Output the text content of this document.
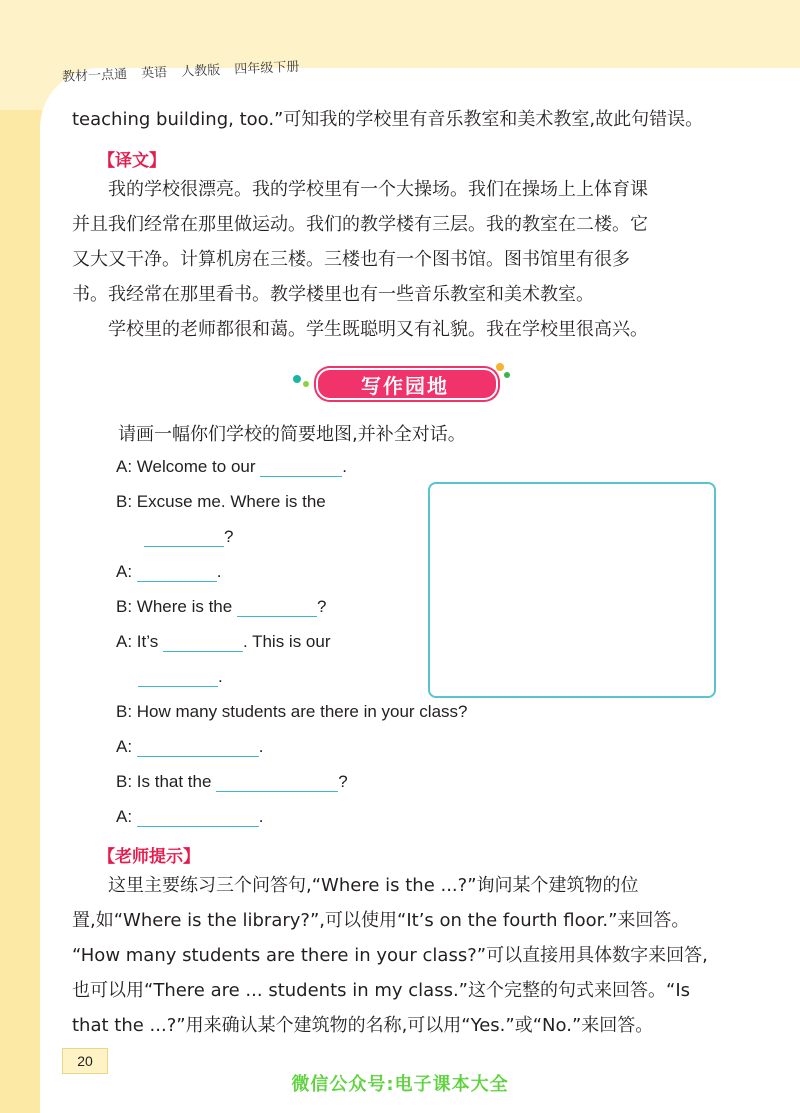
教材一点通 英语 人教版 四年级下册
teaching building, too.”可知我的学校里有音乐教室和美术教室,故此句错误。
【译文】
我的学校很漂亮。我的学校里有一个大操场。我们在操场上上体育课
并且我们经常在那里做运动。我们的教学楼有三层。我的教室在二楼。它
又大又干净。计算机房在三楼。三楼也有一个图书馆。图书馆里有很多
书。我经常在那里看书。教学楼里也有一些音乐教室和美术教室。
学校里的老师都很和蔼。学生既聪明又有礼貌。我在学校里很高兴。
写作园地
请画一幅你们学校的简要地图,并补全对话。
A: Welcome to our	.
B: Excuse me. Where is the
?
A:	.
B: Where is the	?
A: It’s	. This is our
.
B: How many students are there in your class?
A:	.
B: Is that the	?
A:	.
【老师提示】
这里主要练习三个问答句,“Where is the ...?”询问某个建筑物的位
置,如“Where is the library?”,可以使用“It’s on the fourth floor.”来回答。
“How many students are there in your class?”可以直接用具体数字来回答,
也可以用“There are ... students in my class.”这个完整的句式来回答。“Is
that the ...?”用来确认某个建筑物的名称,可以用“Yes.”或“No.”来回答。
20
微信公众号:电子课本大全
